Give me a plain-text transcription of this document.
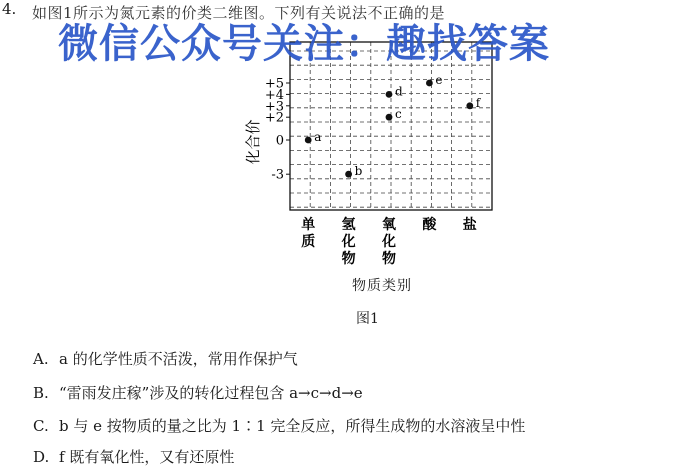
4. 如图1所示为氮元素的价类二维图。下列有关说法不正确的是
+5
+4
+3
+2
0
-3
单
质
氢
化
物
氧
化
物
酸 盐
a
b
c
d
e
f
化合价
物质类别
图1
A. a 的化学性质不活泼，常用作保护气
B. “雷雨发庄稼”涉及的转化过程包含 a→c→d→e
C. b 与 e 按物质的量之比为 1∶1 完全反应，所得生成物的水溶液呈中性
D. f 既有氧化性，又有还原性
微信公众号关注：趣找答案
